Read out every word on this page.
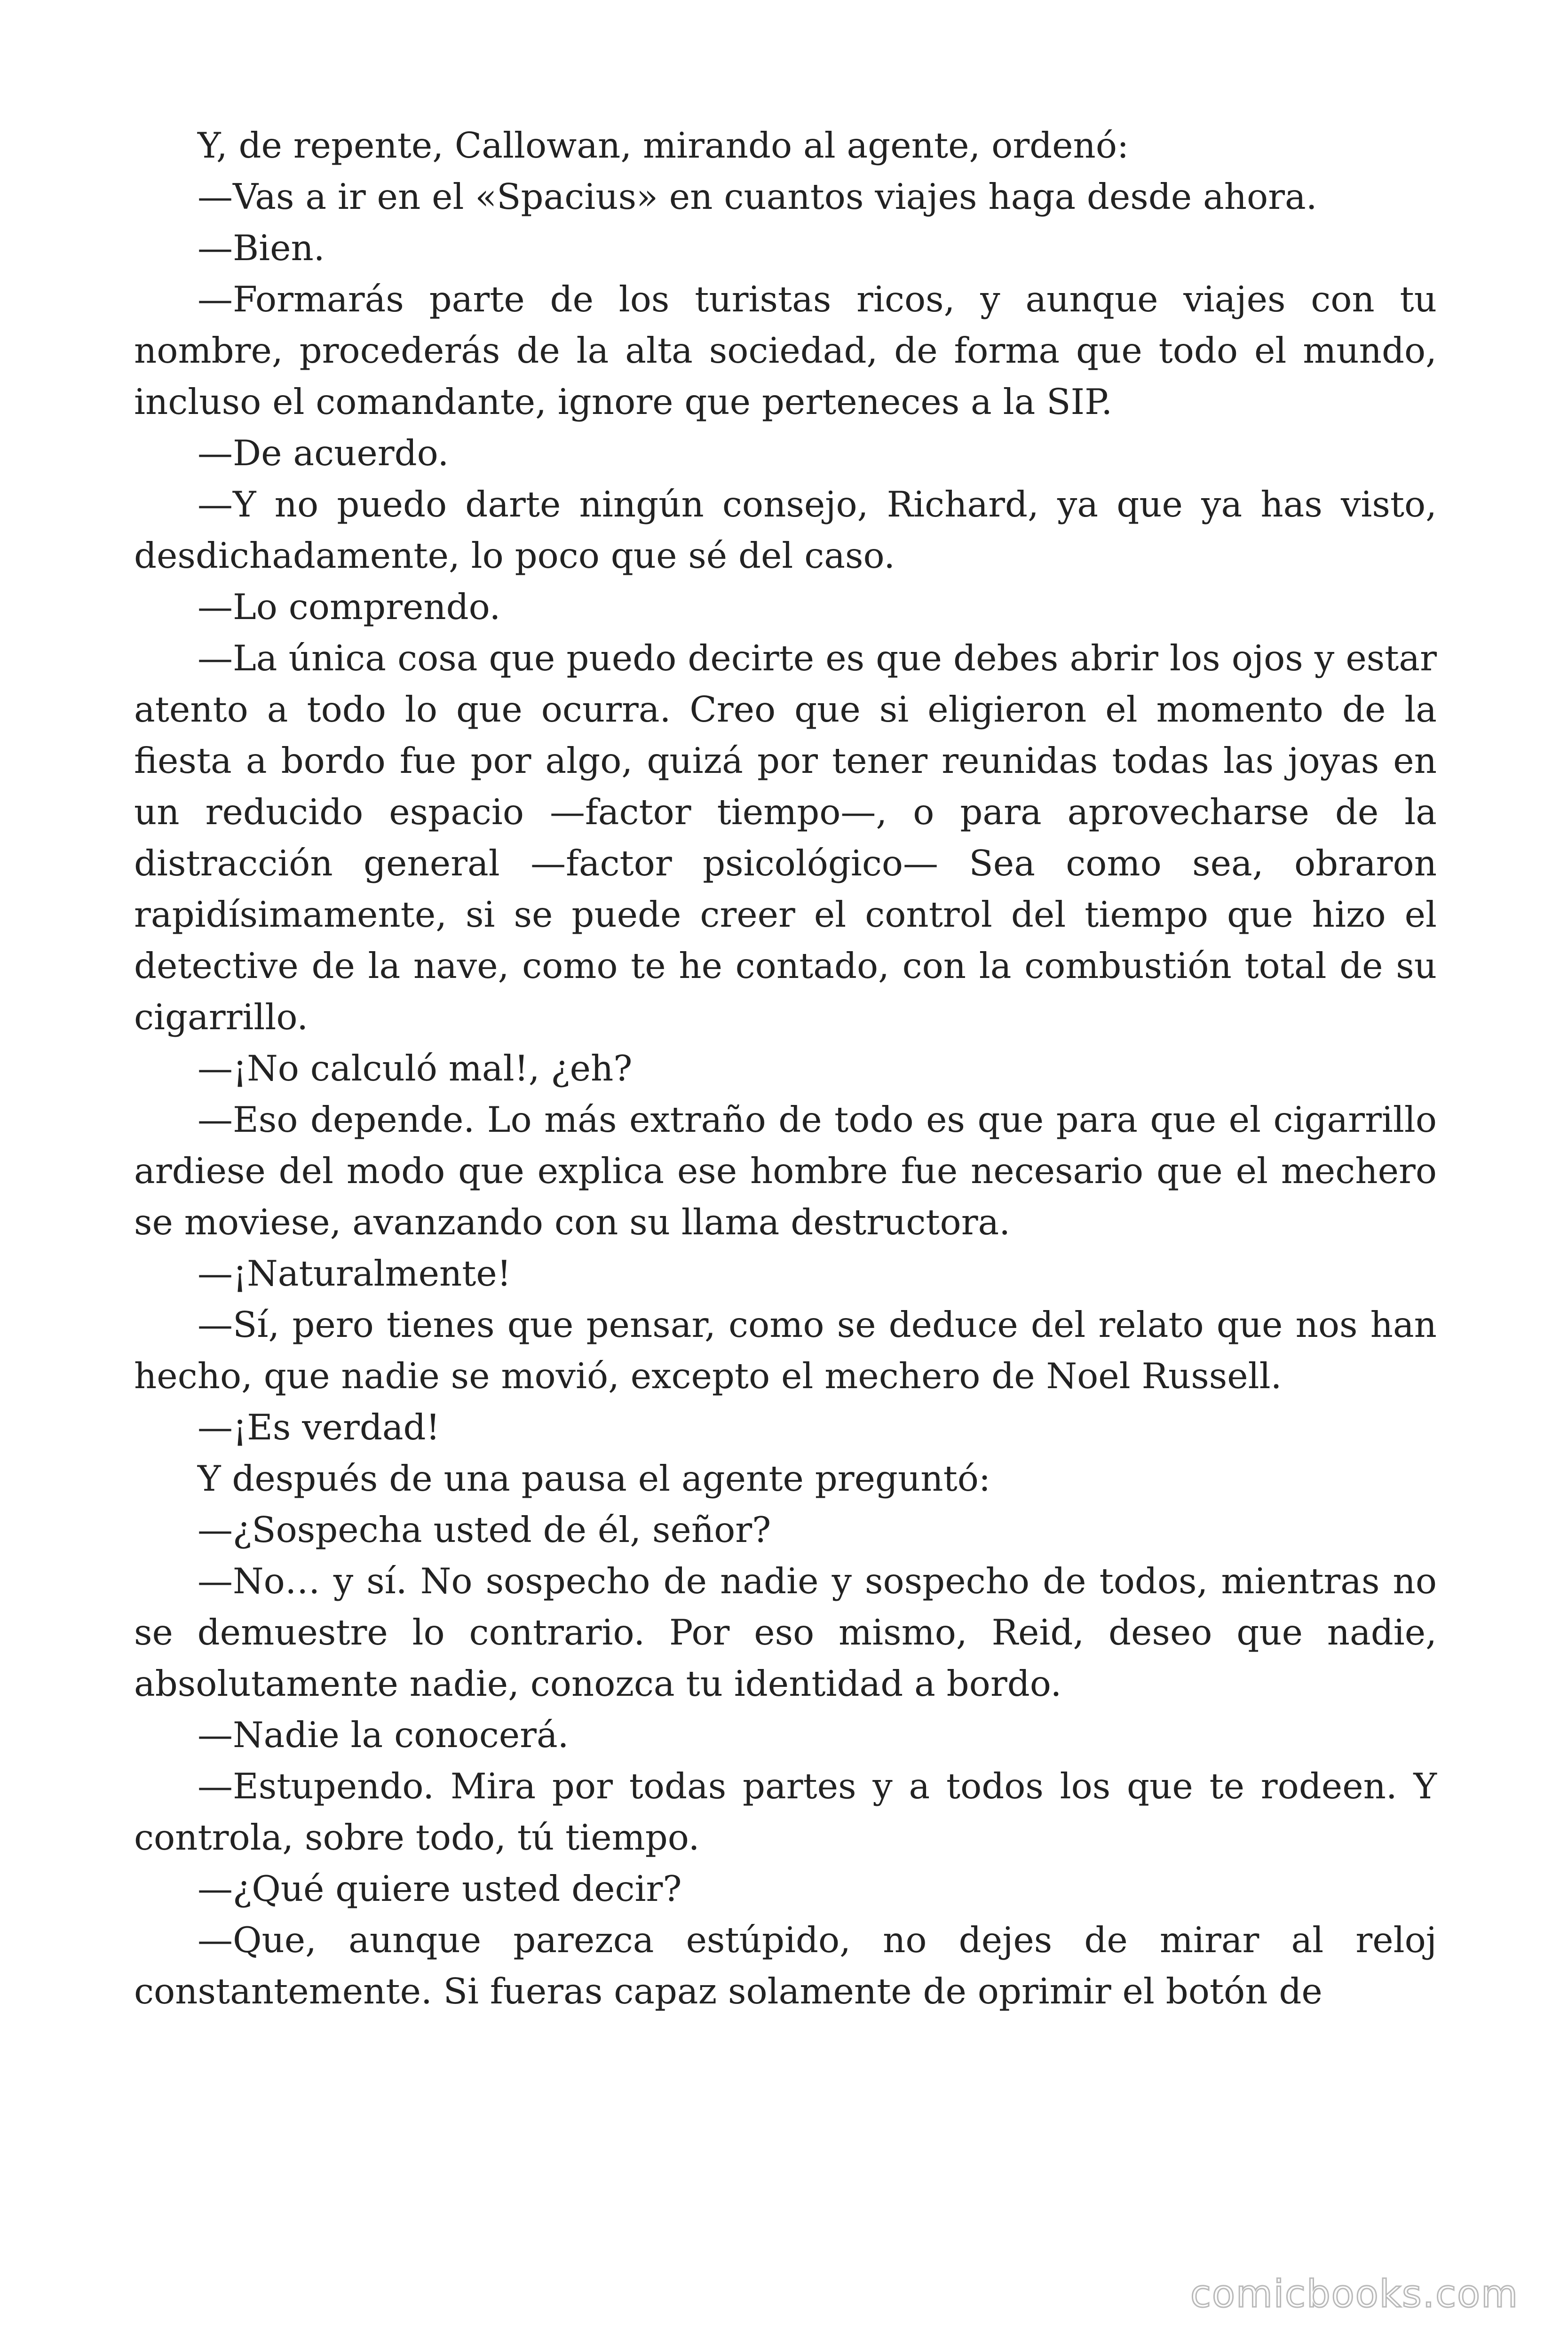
Y, de repente, Callowan, mirando al agente, ordenó:

—Vas a ir en el «Spacius» en cuantos viajes haga desde ahora.

—Bien.

—Formarás parte de los turistas ricos, y aunque viajes con tu nombre, procederás de la alta sociedad, de forma que todo el mundo, incluso el comandante, ignore que perteneces a la SIP.

—De acuerdo.

—Y no puedo darte ningún consejo, Richard, ya que ya has visto, desdichadamente, lo poco que sé del caso.

—Lo comprendo.

—La única cosa que puedo decirte es que debes abrir los ojos y estar atento a todo lo que ocurra. Creo que si eligieron el momento de la fiesta a bordo fue por algo, quizá por tener reunidas todas las joyas en un reducido espacio —factor tiempo—, o para aprovecharse de la distracción general —factor psicológico— Sea como sea, obraron rapidísimamente, si se puede creer el control del tiempo que hizo el detective de la nave, como te he contado, con la combustión total de su cigarrillo.

—¡No calculó mal!, ¿eh?

—Eso depende. Lo más extraño de todo es que para que el cigarrillo ardiese del modo que explica ese hombre fue necesario que el mechero se moviese, avanzando con su llama destructora.

—¡Naturalmente!

—Sí, pero tienes que pensar, como se deduce del relato que nos han hecho, que nadie se movió, excepto el mechero de Noel Russell.

—¡Es verdad!

Y después de una pausa el agente preguntó:

—¿Sospecha usted de él, señor?

—No… y sí. No sospecho de nadie y sospecho de todos, mientras no se demuestre lo contrario. Por eso mismo, Reid, deseo que nadie, absolutamente nadie, conozca tu identidad a bordo.

—Nadie la conocerá.

—Estupendo. Mira por todas partes y a todos los que te rodeen. Y controla, sobre todo, tú tiempo.

—¿Qué quiere usted decir?

—Que, aunque parezca estúpido, no dejes de mirar al reloj constantemente. Si fueras capaz solamente de oprimir el botón de

comicbooks.com
